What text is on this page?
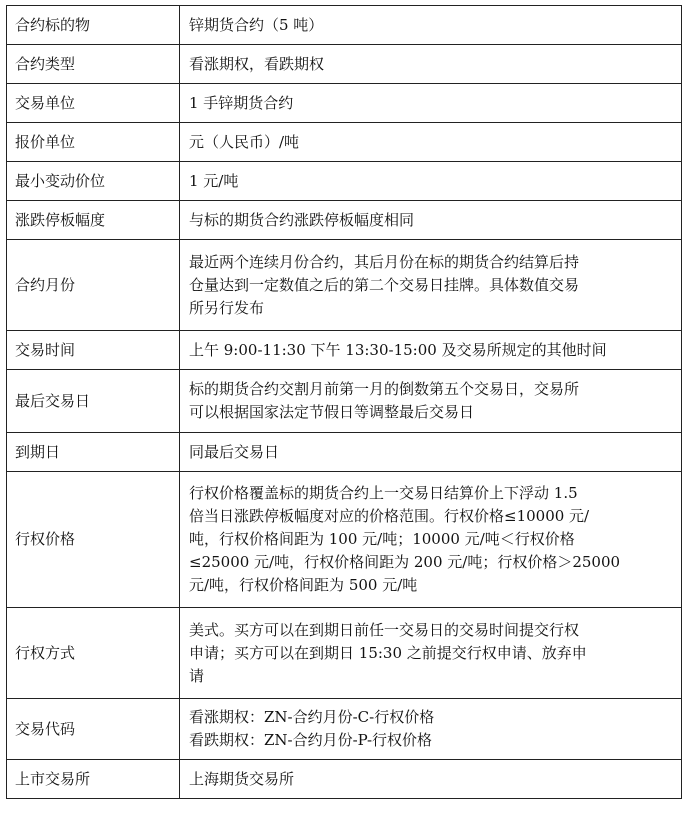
合约标的物	锌期货合约（5 吨）

合约类型	看涨期权，看跌期权

交易单位	1 手锌期货合约

报价单位	元（人民币）/吨

最小变动价位	1 元/吨

涨跌停板幅度	与标的期货合约涨跌停板幅度相同

合约月份	最近两个连续月份合约，其后月份在标的期货合约结算后持
仓量达到一定数值之后的第二个交易日挂牌。具体数值交易
所另行发布

交易时间	上午 9:00-11:30 下午 13:30-15:00 及交易所规定的其他时间

最后交易日	标的期货合约交割月前第一月的倒数第五个交易日，交易所
可以根据国家法定节假日等调整最后交易日

到期日	同最后交易日

行权价格	行权价格覆盖标的期货合约上一交易日结算价上下浮动 1.5
倍当日涨跌停板幅度对应的价格范围。行权价格≤10000 元/
吨，行权价格间距为 100 元/吨；10000 元/吨＜行权价格
≤25000 元/吨，行权价格间距为 200 元/吨；行权价格＞25000
元/吨，行权价格间距为 500 元/吨

行权方式	美式。买方可以在到期日前任一交易日的交易时间提交行权
申请；买方可以在到期日 15:30 之前提交行权申请、放弃申
请

交易代码	看涨期权：ZN-合约月份-C-行权价格
看跌期权：ZN-合约月份-P-行权价格

上市交易所	上海期货交易所
